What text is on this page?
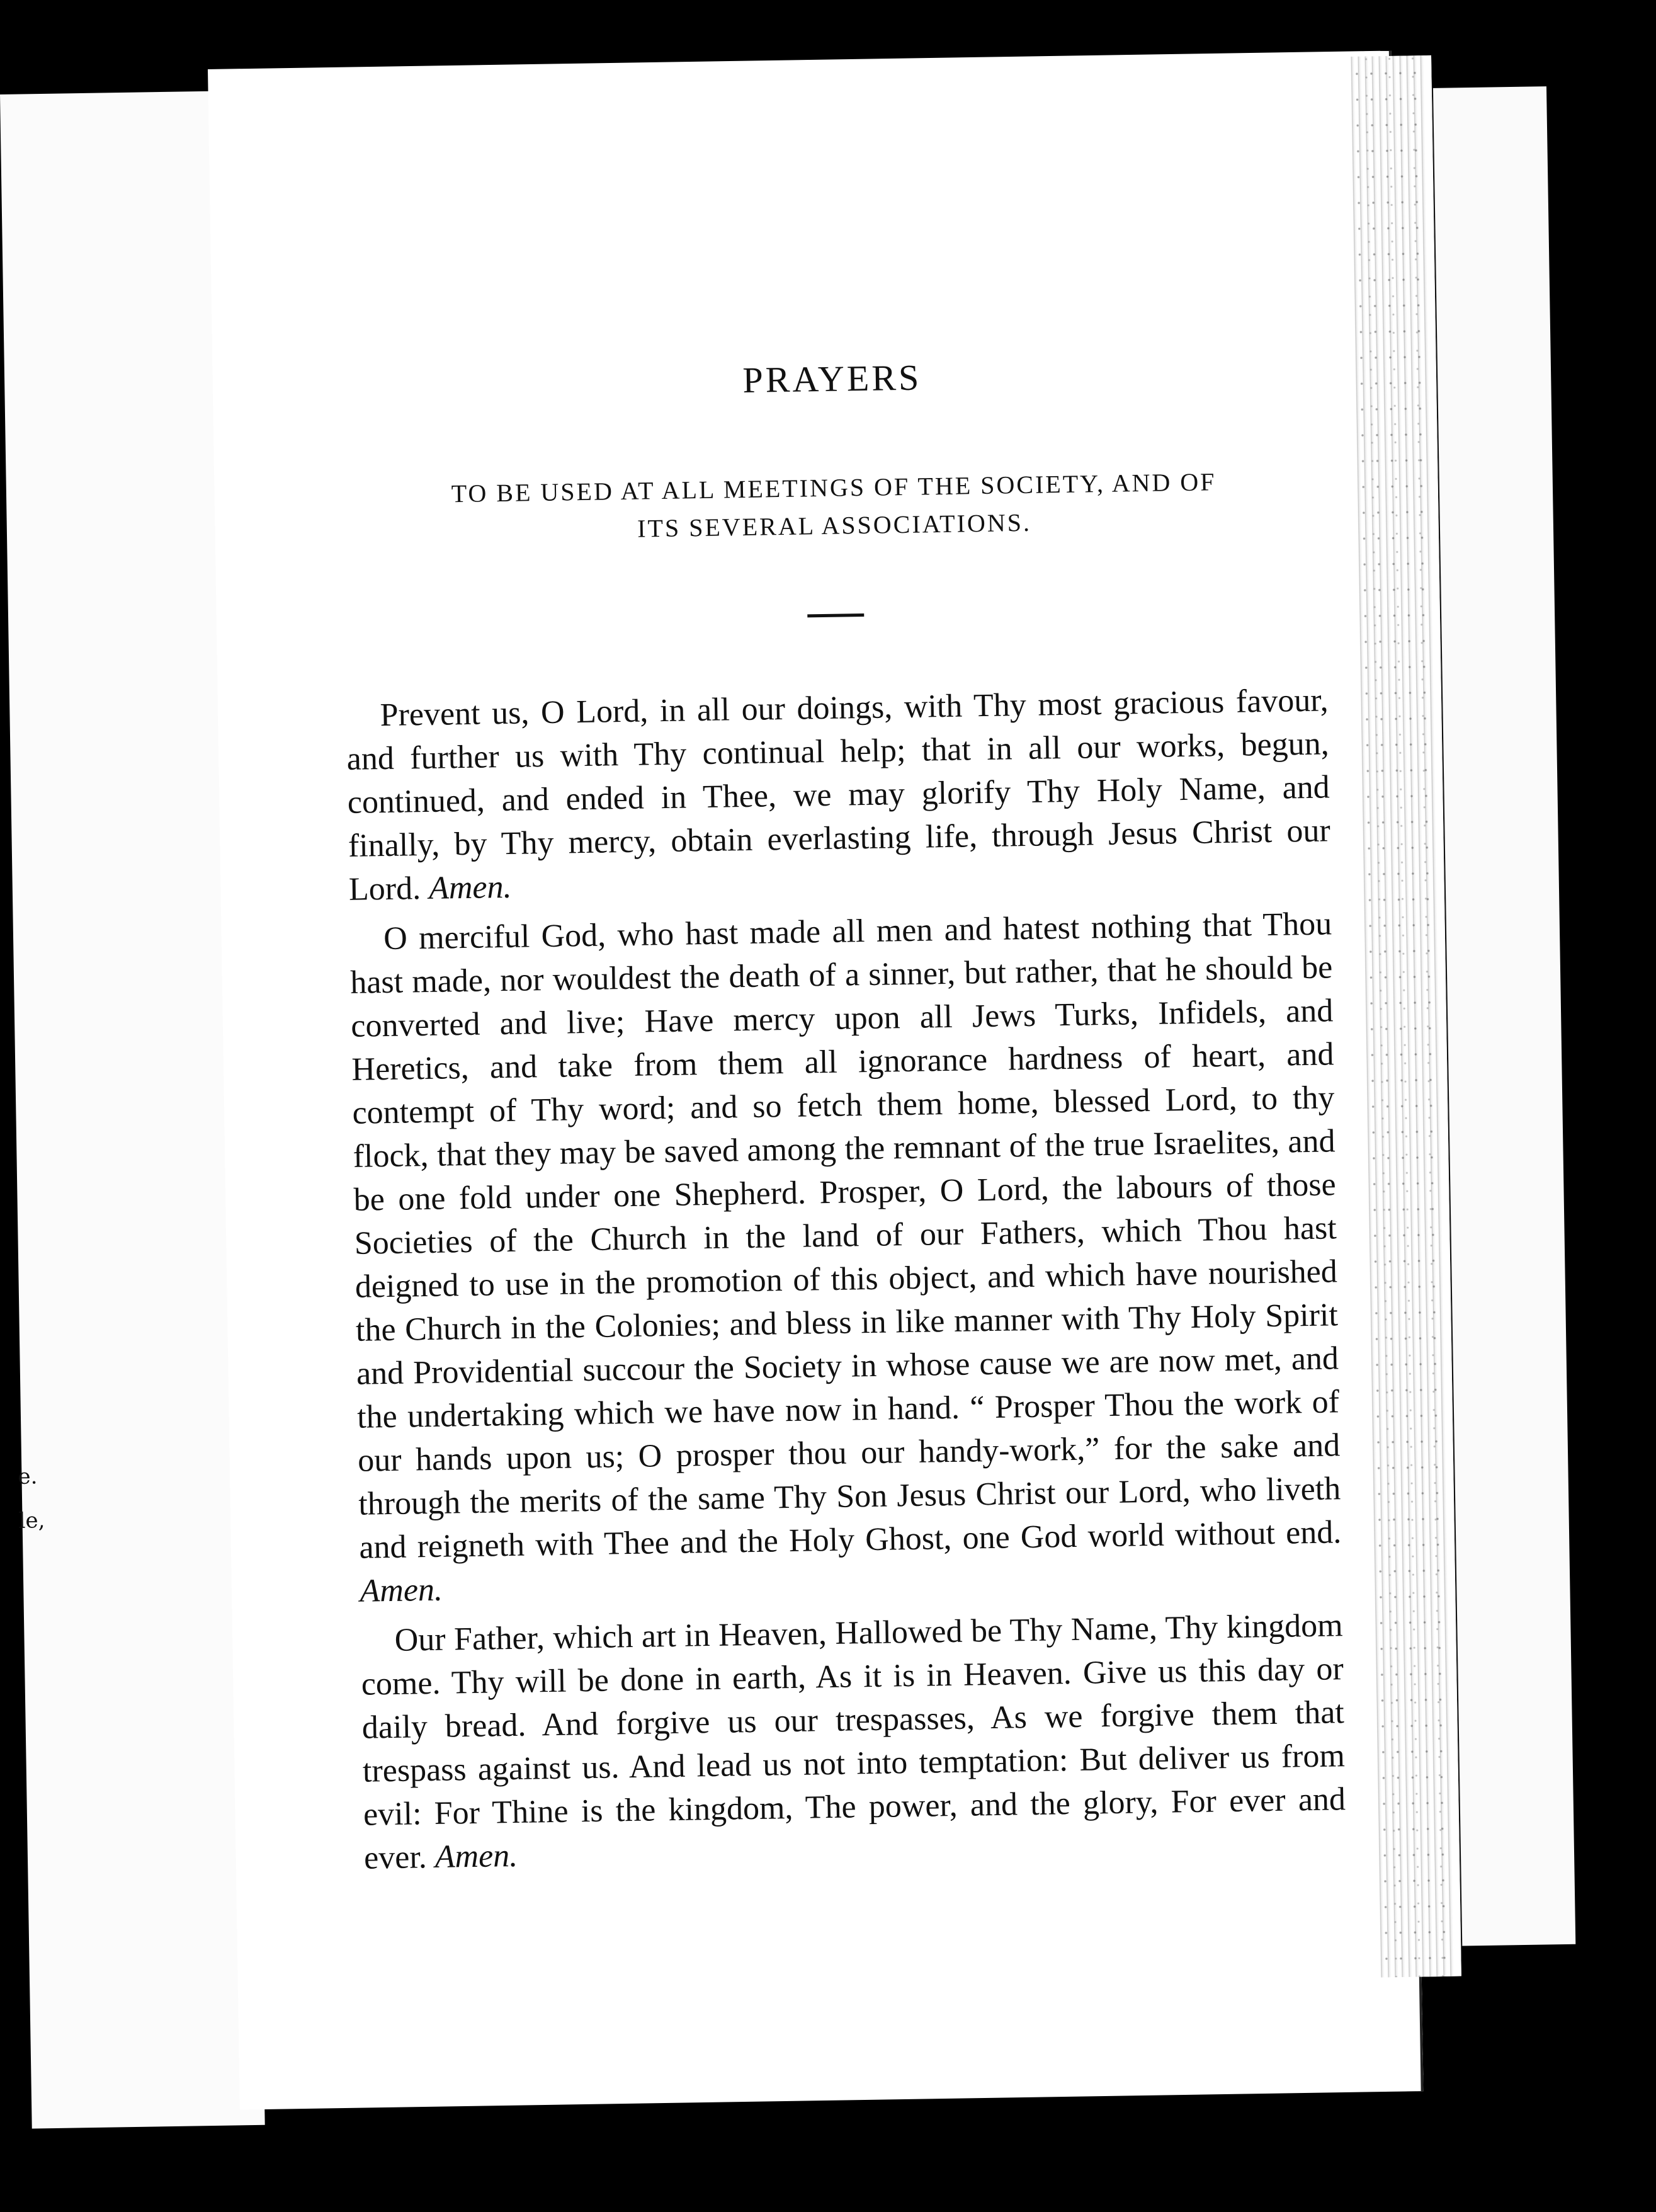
e.
le,
PRAYERS
TO BE USED AT ALL MEETINGS OF THE SOCIETY, AND OF
ITS SEVERAL ASSOCIATIONS.

Prevent us, O Lord, in all our doings, with Thy most gracious favour, and further us with Thy continual help; that in all our works, begun, continued, and ended in Thee, we may glorify Thy Holy Name, and finally, by Thy mercy, obtain everlasting life, through Jesus Christ our Lord. Amen.

O merciful God, who hast made all men and hatest nothing that Thou hast made, nor wouldest the death of a sinner, but rather, that he should be converted and live; Have mercy upon all Jews Turks, Infidels, and Heretics, and take from them all ignorance hardness of heart, and contempt of Thy word; and so fetch them home, blessed Lord, to thy flock, that they may be saved among the remnant of the true Israelites, and be one fold under one Shepherd. Prosper, O Lord, the labours of those Societies of the Church in the land of our Fathers, which Thou hast deigned to use in the promotion of this object, and which have nourished the Church in the Colonies; and bless in like manner with Thy Holy Spirit and Providential succour the Society in whose cause we are now met, and the undertaking which we have now in hand. “ Prosper Thou the work of our hands upon us; O prosper thou our handy-work,” for the sake and through the merits of the same Thy Son Jesus Christ our Lord, who liveth and reigneth with Thee and the Holy Ghost, one God world without end. Amen.

Our Father, which art in Heaven, Hallowed be Thy Name, Thy kingdom come. Thy will be done in earth, As it is in Heaven. Give us this day or daily bread. And forgive us our trespasses, As we forgive them that trespass against us. And lead us not into temptation: But deliver us from evil: For Thine is the kingdom, The power, and the glory, For ever and ever. Amen.
